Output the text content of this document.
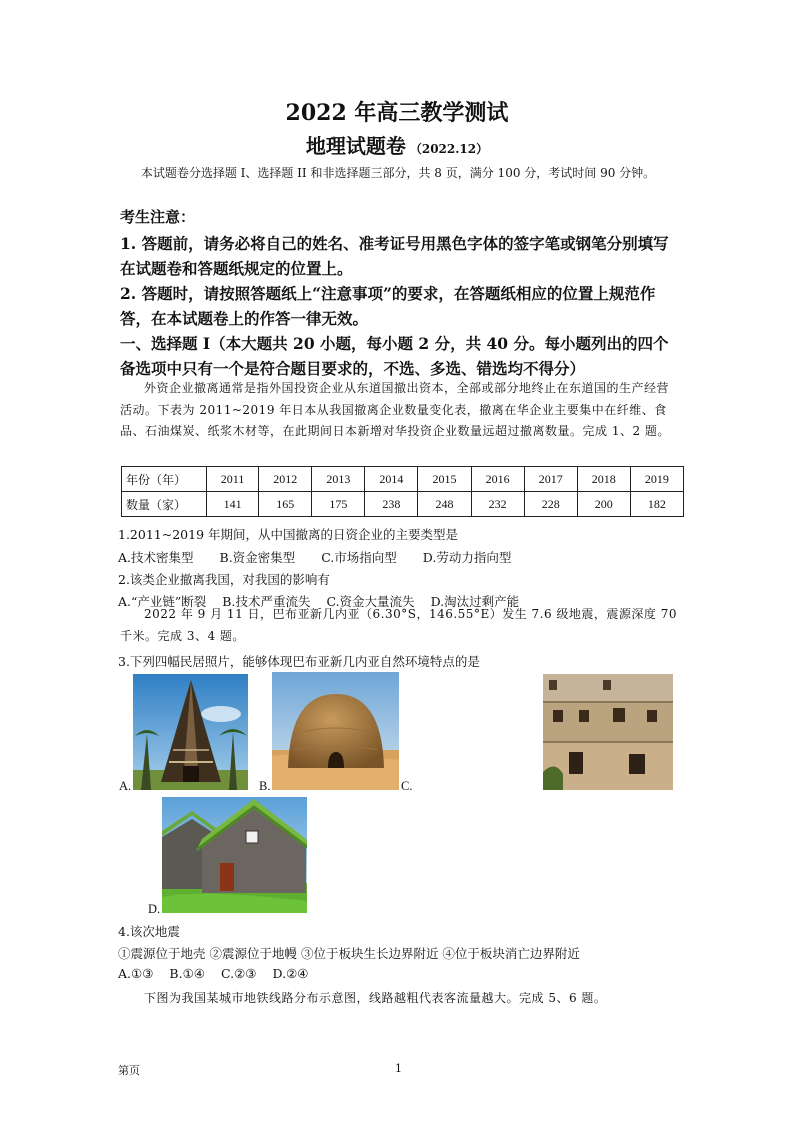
2022 年高三教学测试
地理试题卷 （2022.12）
本试题卷分选择题 I、选择题 II 和非选择题三部分，共 8 页，满分 100 分，考试时间 90 分钟。
考生注意：
1. 答题前，请务必将自己的姓名、准考证号用黑色字体的签字笔或钢笔分别填写在试题卷和答题纸规定的位置上。
2. 答题时，请按照答题纸上“注意事项”的要求，在答题纸相应的位置上规范作答，在本试题卷上的作答一律无效。
一、选择题 I（本大题共 20 小题，每小题 2 分，共 40 分。每小题列出的四个备选项中只有一个是符合题目要求的，不选、多选、错选均不得分）
外资企业撤离通常是指外国投资企业从东道国撤出资本，全部或部分地终止在东道国的生产经营活动。下表为 2011~2019 年日本从我国撤离企业数量变化表，撤离在华企业主要集中在纤维、食品、石油煤炭、纸浆木材等，在此期间日本新增对华投资企业数量远超过撤离数量。完成 1、2 题。
年份（年）	2011	2012	2013	2014	2015	2016	2017	2018	2019
数量（家）	141	165	175	238	248	232	228	200	182
1.2011~2019 年期间，从中国撤离的日资企业的主要类型是
A.技术密集型 B.资金密集型 C.市场指向型 D.劳动力指向型
2.该类企业撤离我国，对我国的影响有
A.“产业链”断裂 B.技术严重流失 C.资金大量流失 D.淘汰过剩产能
2022 年 9 月 11 日，巴布亚新几内亚（6.30°S，146.55°E）发生 7.6 级地震，震源深度 70 千米。完成 3、4 题。
3.下列四幅民居照片，能够体现巴布亚新几内亚自然环境特点的是
A.	B.	C.
D.
4.该次地震
①震源位于地壳 ②震源位于地幔 ③位于板块生长边界附近 ④位于板块消亡边界附近
A.①③ B.①④ C.②③ D.②④
下图为我国某城市地铁线路分布示意图，线路越粗代表客流量越大。完成 5、6 题。
第页	1
